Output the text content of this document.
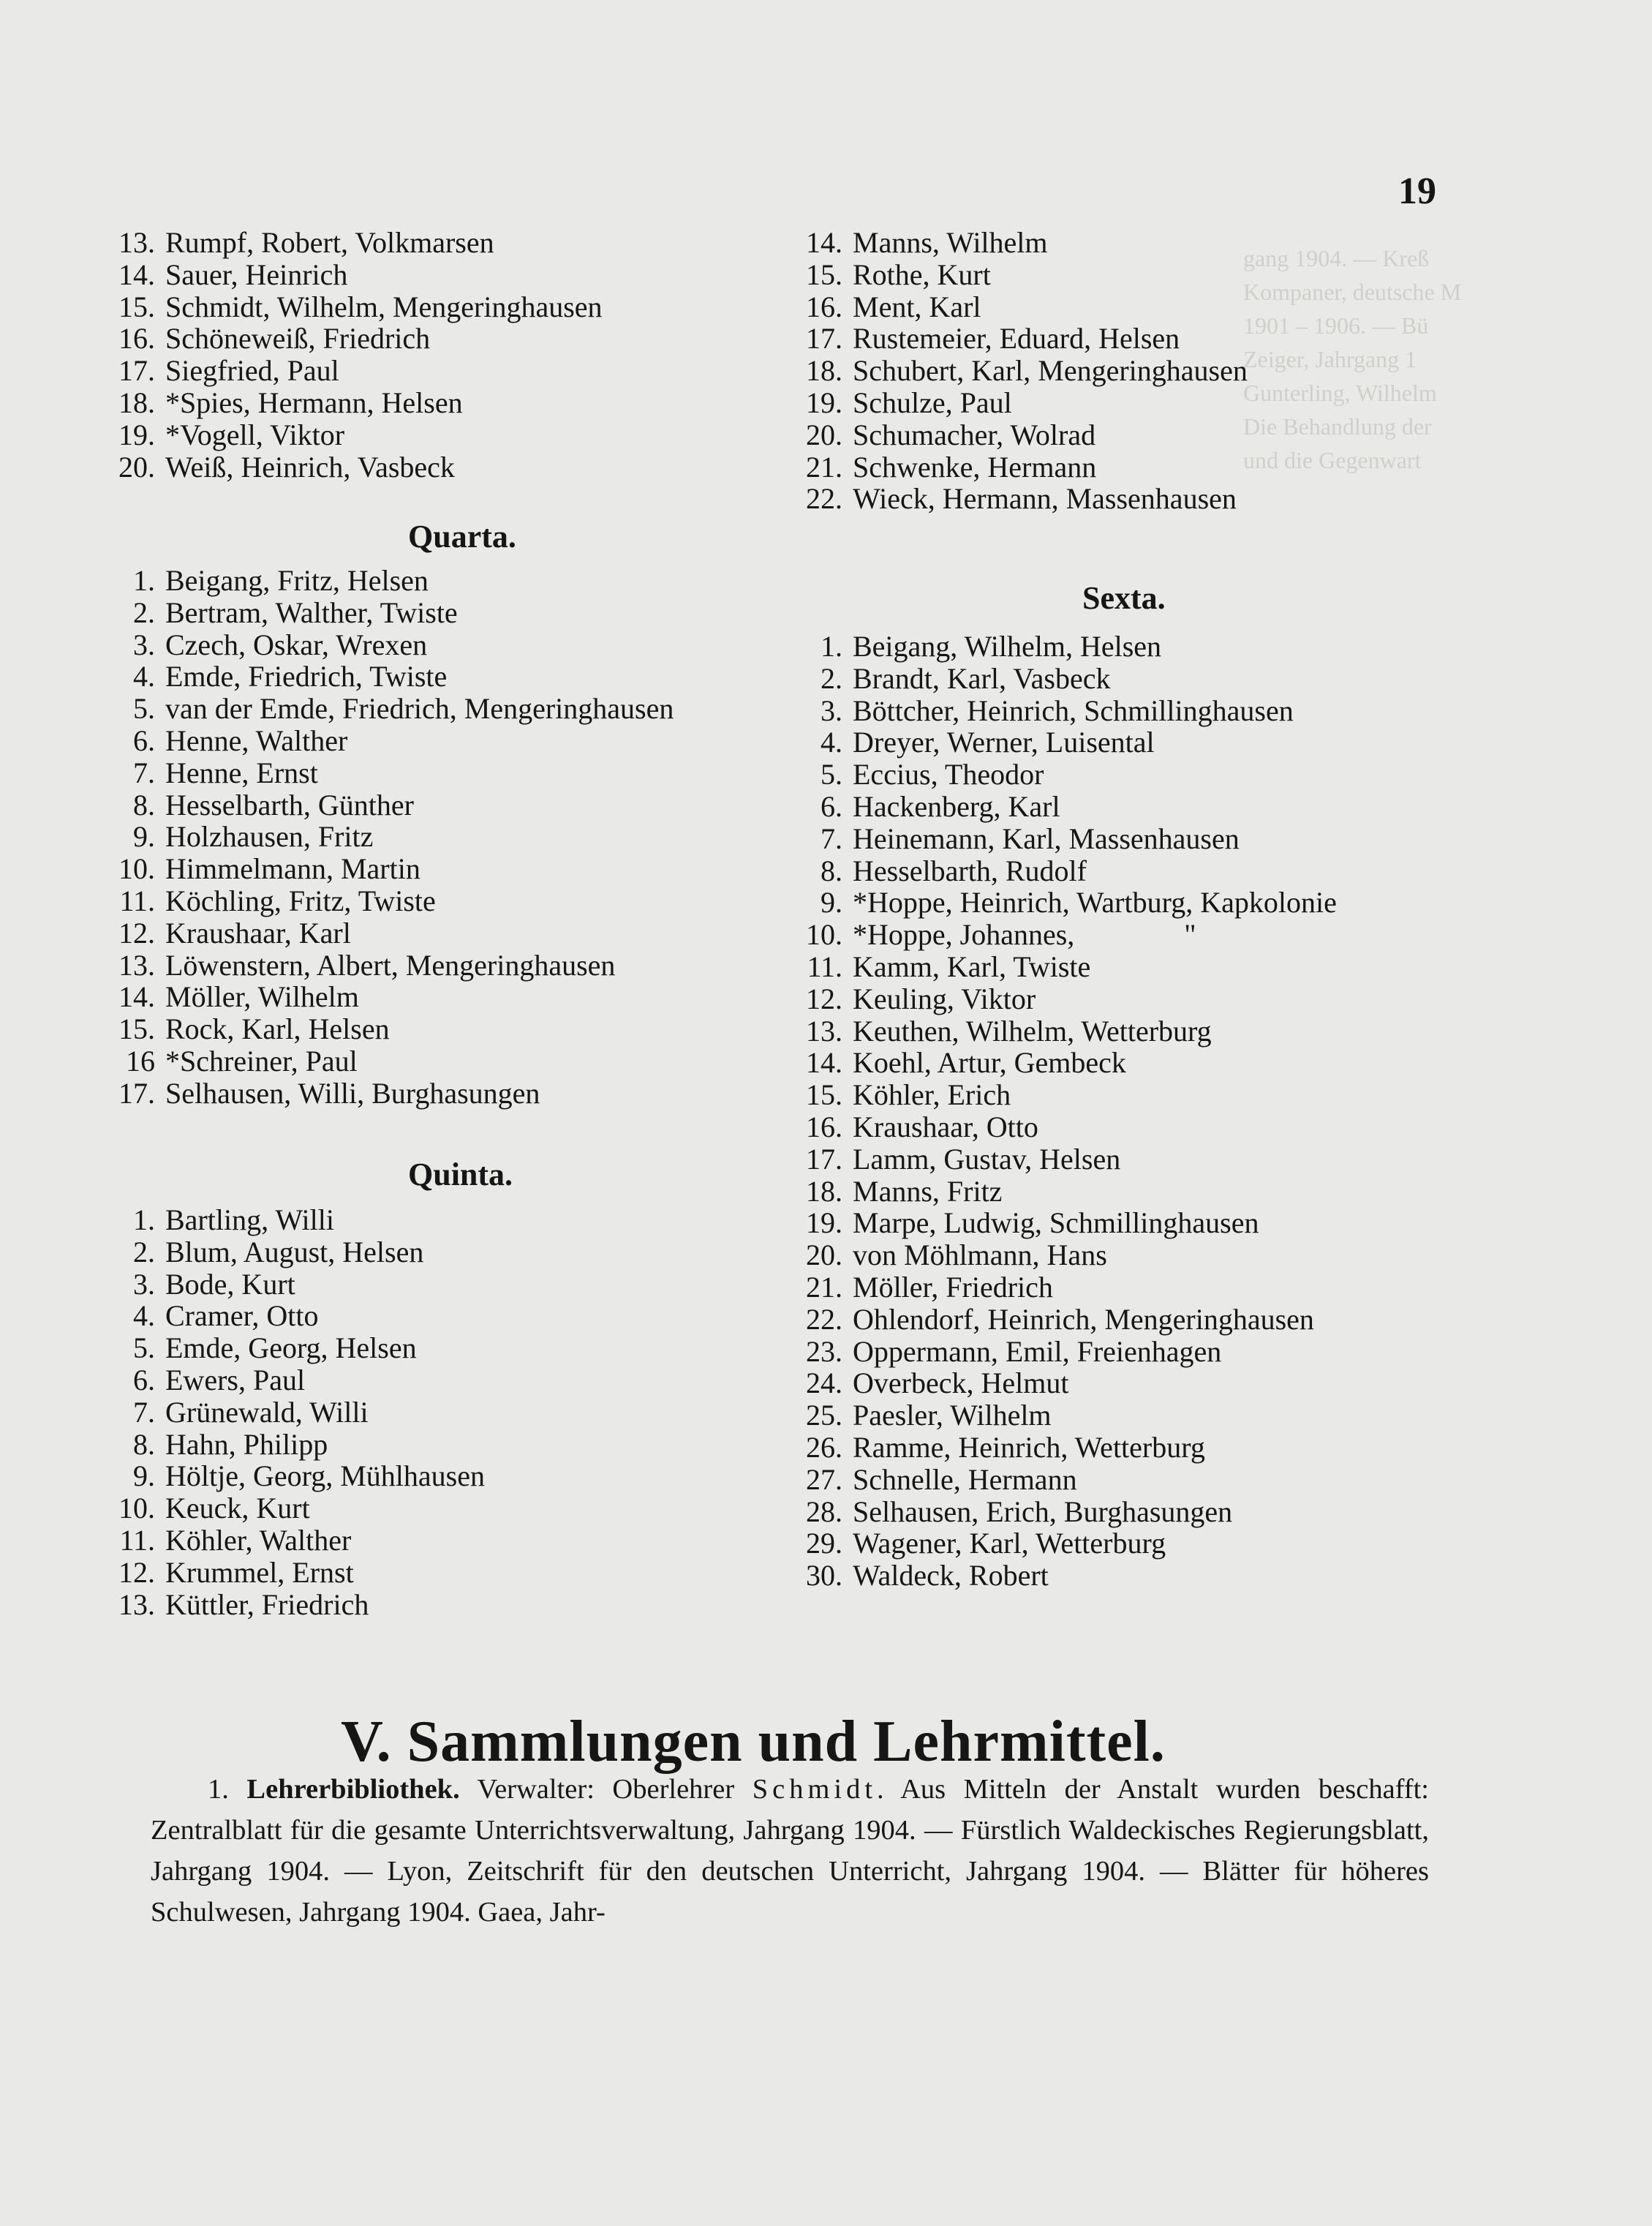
19
gang 1904. — Kreß
Kompaner, deutsche M
1901 – 1906. — Bü
Zeiger, Jahrgang 1
Gunterling, Wilhelm
Die Behandlung der
und die Gegenwart
13. Rumpf, Robert, Volkmarsen
14. Sauer, Heinrich
15. Schmidt, Wilhelm, Mengeringhausen
16. Schöneweiß, Friedrich
17. Siegfried, Paul
18. *Spies, Hermann, Helsen
19. *Vogell, Viktor
20. Weiß, Heinrich, Vasbeck
Quarta.
1. Beigang, Fritz, Helsen
2. Bertram, Walther, Twiste
3. Czech, Oskar, Wrexen
4. Emde, Friedrich, Twiste
5. van der Emde, Friedrich, Mengeringhausen
6. Henne, Walther
7. Henne, Ernst
8. Hesselbarth, Günther
9. Holzhausen, Fritz
10. Himmelmann, Martin
11. Köchling, Fritz, Twiste
12. Kraushaar, Karl
13. Löwenstern, Albert, Mengeringhausen
14. Möller, Wilhelm
15. Rock, Karl, Helsen
16 *Schreiner, Paul
17. Selhausen, Willi, Burghasungen
Quinta.
1. Bartling, Willi
2. Blum, August, Helsen
3. Bode, Kurt
4. Cramer, Otto
5. Emde, Georg, Helsen
6. Ewers, Paul
7. Grünewald, Willi
8. Hahn, Philipp
9. Höltje, Georg, Mühlhausen
10. Keuck, Kurt
11. Köhler, Walther
12. Krummel, Ernst
13. Küttler, Friedrich
14. Manns, Wilhelm
15. Rothe, Kurt
16. Ment, Karl
17. Rustemeier, Eduard, Helsen
18. Schubert, Karl, Mengeringhausen
19. Schulze, Paul
20. Schumacher, Wolrad
21. Schwenke, Hermann
22. Wieck, Hermann, Massenhausen
Sexta.
1. Beigang, Wilhelm, Helsen
2. Brandt, Karl, Vasbeck
3. Böttcher, Heinrich, Schmillinghausen
4. Dreyer, Werner, Luisental
5. Eccius, Theodor
6. Hackenberg, Karl
7. Heinemann, Karl, Massenhausen
8. Hesselbarth, Rudolf
9. *Hoppe, Heinrich, Wartburg, Kapkolonie
10. *Hoppe, Johannes,	"
11. Kamm, Karl, Twiste
12. Keuling, Viktor
13. Keuthen, Wilhelm, Wetterburg
14. Koehl, Artur, Gembeck
15. Köhler, Erich
16. Kraushaar, Otto
17. Lamm, Gustav, Helsen
18. Manns, Fritz
19. Marpe, Ludwig, Schmillinghausen
20. von Möhlmann, Hans
21. Möller, Friedrich
22. Ohlendorf, Heinrich, Mengeringhausen
23. Oppermann, Emil, Freienhagen
24. Overbeck, Helmut
25. Paesler, Wilhelm
26. Ramme, Heinrich, Wetterburg
27. Schnelle, Hermann
28. Selhausen, Erich, Burghasungen
29. Wagener, Karl, Wetterburg
30. Waldeck, Robert
V. Sammlungen und Lehrmittel.

1. Lehrerbibliothek. Verwalter: Oberlehrer Schmidt. Aus Mitteln der Anstalt wurden beschafft: Zentralblatt für die gesamte Unterrichtsverwaltung, Jahrgang 1904. — Fürstlich Waldeckisches Regierungsblatt, Jahrgang 1904. — Lyon, Zeitschrift für den deutschen Unterricht, Jahrgang 1904. — Blätter für höheres Schulwesen, Jahrgang 1904. Gaea, Jahr-
